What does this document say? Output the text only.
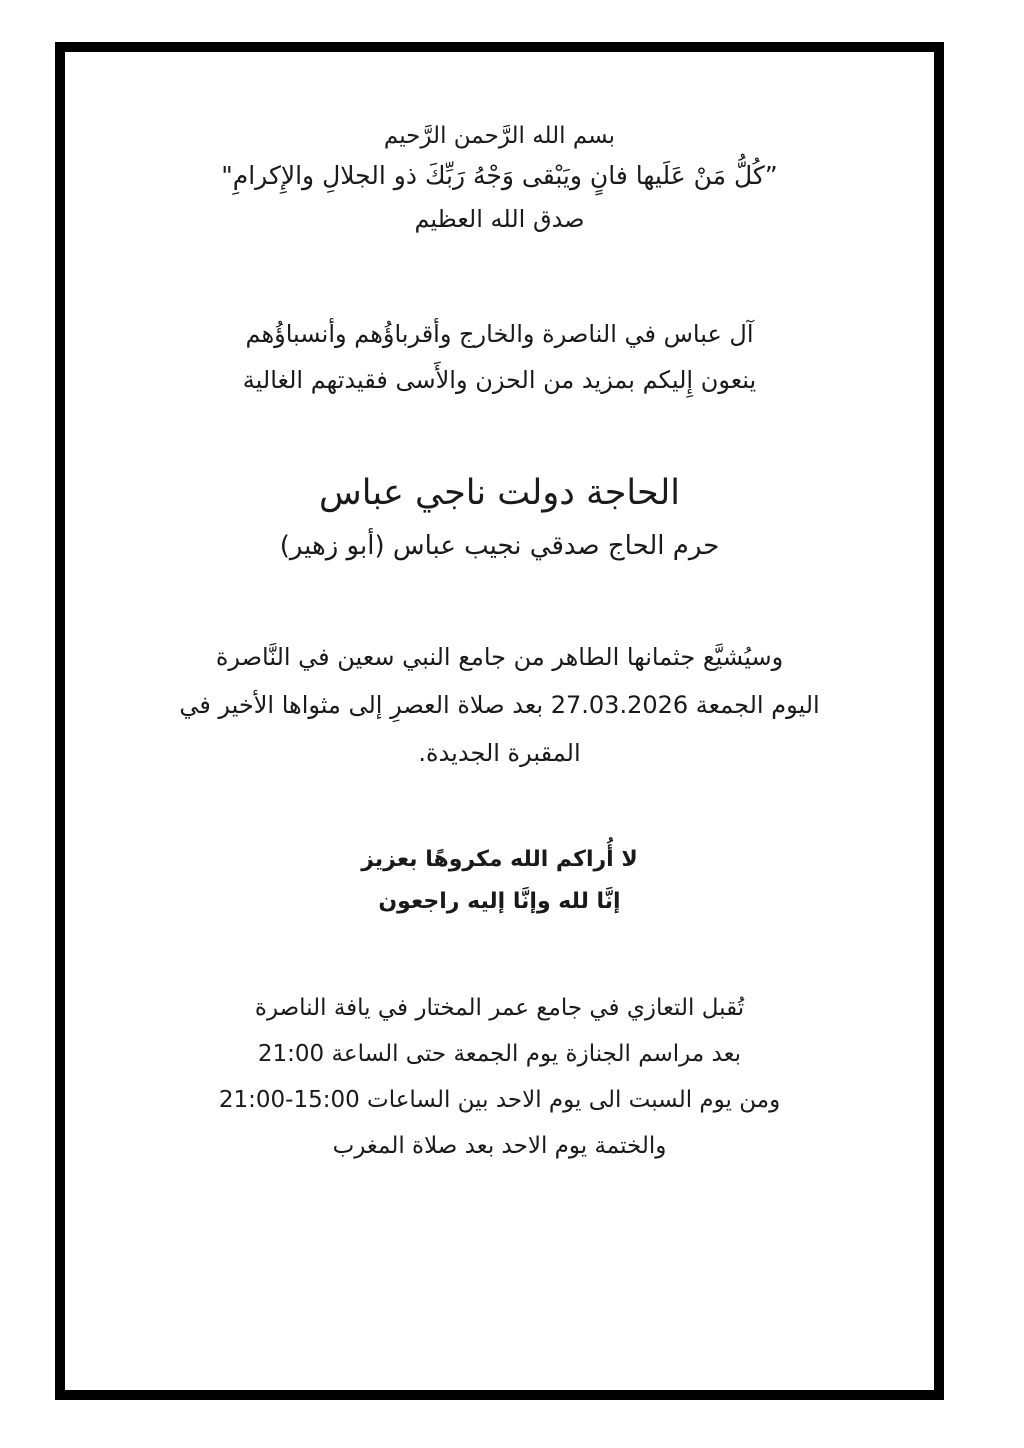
بسم الله الرَّحمن الرَّحيم
”كُلُّ مَنْ عَلَيها فانٍ ويَبْقى وَجْهُ رَبِّكَ ذو الجلالِ والإِكرامِ"
صدق الله العظيم
آل عباس في الناصرة والخارج وأقرباؤُهم وأنسباؤُهم
ينعون إِليكم بمزيد من الحزن والأَسى فقيدتهم الغالية
الحاجة دولت ناجي عباس
حرم الحاج صدقي نجيب عباس (أبو زهير)
وسيُشيَّع جثمانها الطاهر من جامع النبي سعين في النَّاصرة
اليوم الجمعة 27.03.2026 بعد صلاة العصرِ إلى مثواها الأخير في
المقبرة الجديدة.
لا أُراكم الله مكروهًا بعزيز
إنَّا لله وإنَّا إليه راجعون
تُقبل التعازي في جامع عمر المختار في يافة الناصرة
بعد مراسم الجنازة يوم الجمعة حتى الساعة 21:00
ومن يوم السبت الى يوم الاحد بين الساعات 15:00-21:00
والختمة يوم الاحد بعد صلاة المغرب
